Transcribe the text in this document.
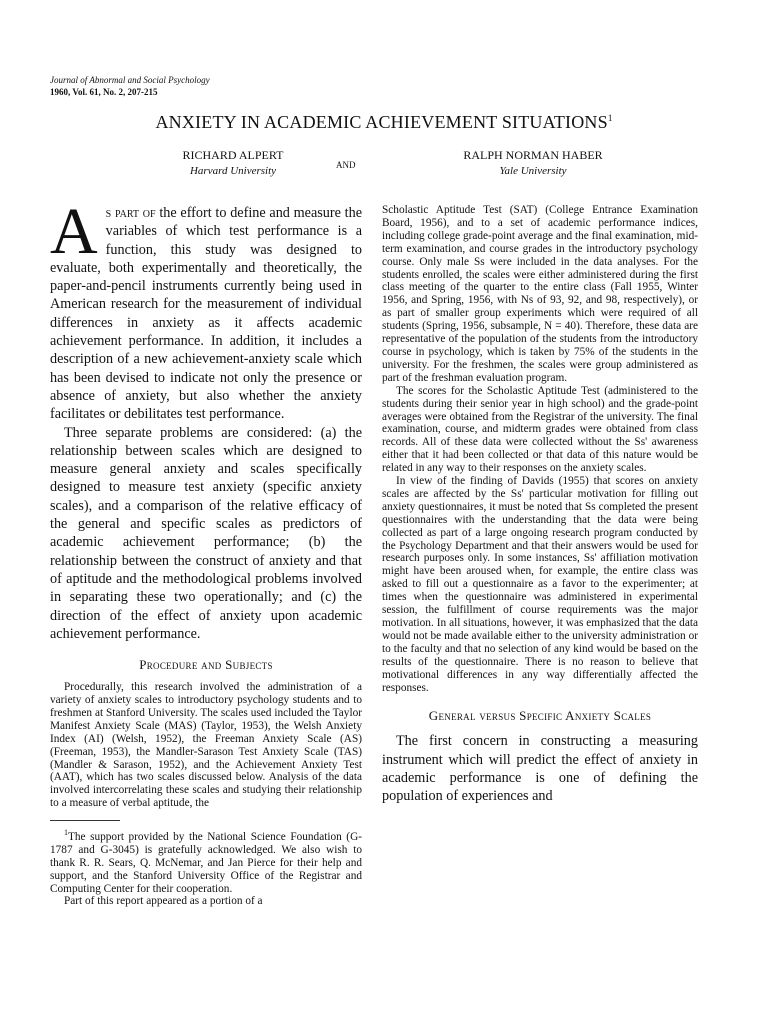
Journal of Abnormal and Social Psychology
1960, Vol. 61, No. 2, 207-215
ANXIETY IN ACADEMIC ACHIEVEMENT SITUATIONS$^1$
RICHARD ALPERT
Harvard University	AND
RALPH NORMAN HABER
Yale University

As part of the effort to define and measure the variables of which test performance is a function, this study was designed to evaluate, both experimentally and theoretically, the paper-and-pencil instruments currently being used in American research for the measurement of individual differences in anxiety as it affects academic achievement performance. In addition, it includes a description of a new achievement-anxiety scale which has been devised to indicate not only the presence or absence of anxiety, but also whether the anxiety facilitates or debilitates test performance.

Three separate problems are considered: (a) the relationship between scales which are designed to measure general anxiety and scales specifically designed to measure test anxiety (specific anxiety scales), and a comparison of the relative efficacy of the general and specific scales as predictors of academic achievement performance; (b) the relationship between the construct of anxiety and that of aptitude and the methodological problems involved in separating these two operationally; and (c) the direction of the effect of anxiety upon academic achievement performance.

Procedure and Subjects

Procedurally, this research involved the administration of a variety of anxiety scales to introductory psychology students and to freshmen at Stanford University. The scales used included the Taylor Manifest Anxiety Scale (MAS) (Taylor, 1953), the Welsh Anxiety Index (AI) (Welsh, 1952), the Freeman Anxiety Scale (AS) (Freeman, 1953), the Mandler-Sarason Test Anxiety Scale (TAS) (Mandler & Sarason, 1952), and the Achievement Anxiety Test (AAT), which has two scales discussed below. Analysis of the data involved intercorrelating these scales and studying their relationship to a measure of verbal aptitude, the

$^1$The support provided by the National Science Foundation (G-1787 and G-3045) is gratefully acknowledged. We also wish to thank R. R. Sears, Q. McNemar, and Jan Pierce for their help and support, and the Stanford University Office of the Registrar and Computing Center for their cooperation.

Part of this report appeared as a portion of a

Scholastic Aptitude Test (SAT) (College Entrance Examination Board, 1956), and to a set of academic performance indices, including college grade-point average and the final examination, mid-term examination, and course grades in the introductory psychology course. Only male Ss were included in the data analyses. For the students enrolled, the scales were either administered during the first class meeting of the quarter to the entire class (Fall 1955, Winter 1956, and Spring, 1956, with Ns of 93, 92, and 98, respectively), or as part of smaller group experiments which were required of all students (Spring, 1956, subsample, N = 40). Therefore, these data are representative of the population of the students from the introductory course in psychology, which is taken by 75% of the students in the university. For the freshmen, the scales were group administered as part of the freshman evaluation program.

The scores for the Scholastic Aptitude Test (administered to the students during their senior year in high school) and the grade-point averages were obtained from the Registrar of the university. The final examination, course, and midterm grades were obtained from class records. All of these data were collected without the Ss' awareness either that it had been collected or that data of this nature would be related in any way to their responses on the anxiety scales.

In view of the finding of Davids (1955) that scores on anxiety scales are affected by the Ss' particular motivation for filling out anxiety questionnaires, it must be noted that Ss completed the present questionnaires with the understanding that the data were being collected as part of a large ongoing research program conducted by the Psychology Department and that their answers would be used for research purposes only. In some instances, Ss' affiliation motivation might have been aroused when, for example, the entire class was asked to fill out a questionnaire as a favor to the experimenter; at times when the questionnaire was administered in experimental session, the fulfillment of course requirements was the major motivation. In all situations, however, it was emphasized that the data would not be made available either to the university administration or to the faculty and that no selection of any kind would be based on the results of the questionnaire. There is no reason to believe that motivational differences in any way differentially affected the responses.

General versus Specific Anxiety Scales

The first concern in constructing a measuring instrument which will predict the effect of anxiety in academic performance is one of defining the population of experiences and
